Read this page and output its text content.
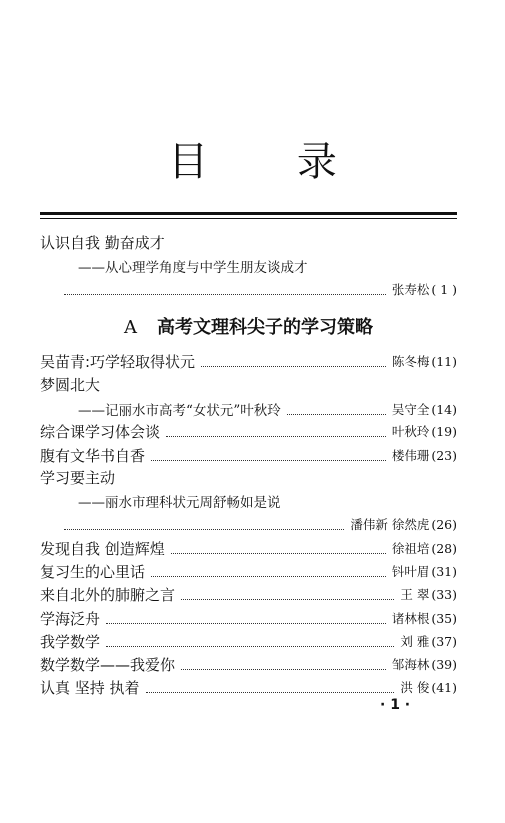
目 录
认识自我 勤奋成才
——从心理学角度与中学生朋友谈成才
张寿松 ( 1 )
A 高考文理科尖子的学习策略
吴苗青:巧学轻取得状元	陈冬梅 (11)
梦圆北大
——记丽水市高考“女状元”叶秋玲	吴守全 (14)
综合课学习体会谈	叶秋玲 (19)
腹有文华书自香	楼伟珊 (23)
学习要主动
——丽水市理科状元周舒畅如是说
潘伟新 徐然虎 (26)
发现自我 创造辉煌	徐祖培 (28)
复习生的心里话	钭叶眉 (31)
来自北外的肺腑之言	王 翠 (33)
学海泛舟	诸林根 (35)
我学数学	刘 雅 (37)
数学数学——我爱你	邹海林 (39)
认真 坚持 执着	洪 俊 (41)
· 1 ·
